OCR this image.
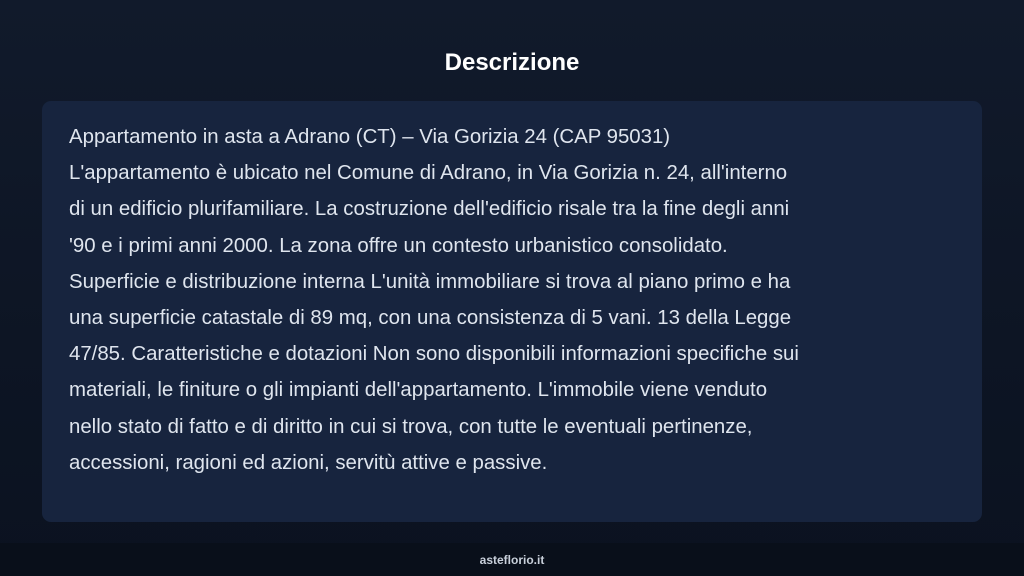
Descrizione
Appartamento in asta a Adrano (CT) – Via Gorizia 24 (CAP 95031)
L'appartamento è ubicato nel Comune di Adrano, in Via Gorizia n. 24, all'interno
di un edificio plurifamiliare. La costruzione dell'edificio risale tra la fine degli anni
'90 e i primi anni 2000. La zona offre un contesto urbanistico consolidato.
Superficie e distribuzione interna L'unità immobiliare si trova al piano primo e ha
una superficie catastale di 89 mq, con una consistenza di 5 vani. 13 della Legge
47/85. Caratteristiche e dotazioni Non sono disponibili informazioni specifiche sui
materiali, le finiture o gli impianti dell'appartamento. L'immobile viene venduto
nello stato di fatto e di diritto in cui si trova, con tutte le eventuali pertinenze,
accessioni, ragioni ed azioni, servitù attive e passive.
asteflorio.it
